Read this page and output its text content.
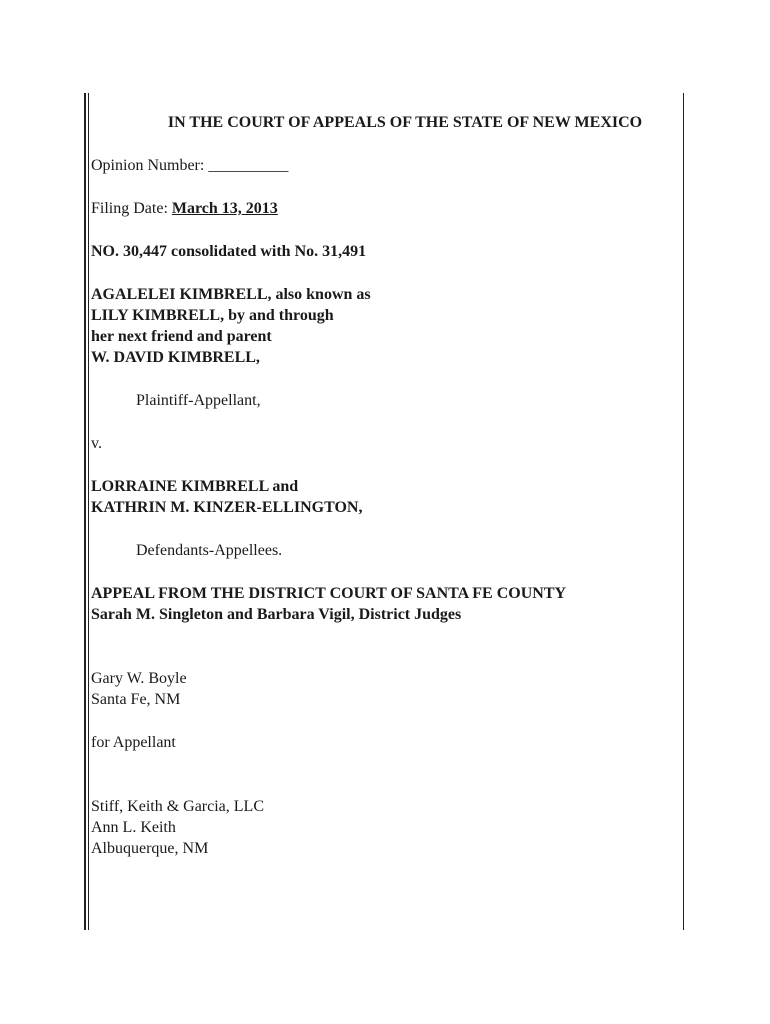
IN THE COURT OF APPEALS OF THE STATE OF NEW MEXICO
Opinion Number: __________
Filing Date: March 13, 2013
NO. 30,447 consolidated with No. 31,491
AGALELEI KIMBRELL, also known as
LILY KIMBRELL, by and through
her next friend and parent
W. DAVID KIMBRELL,
Plaintiff-Appellant,
v.
LORRAINE KIMBRELL and
KATHRIN M. KINZER-ELLINGTON,
Defendants-Appellees.
APPEAL FROM THE DISTRICT COURT OF SANTA FE COUNTY
Sarah M. Singleton and Barbara Vigil, District Judges
Gary W. Boyle
Santa Fe, NM
for Appellant
Stiff, Keith & Garcia, LLC
Ann L. Keith
Albuquerque, NM
